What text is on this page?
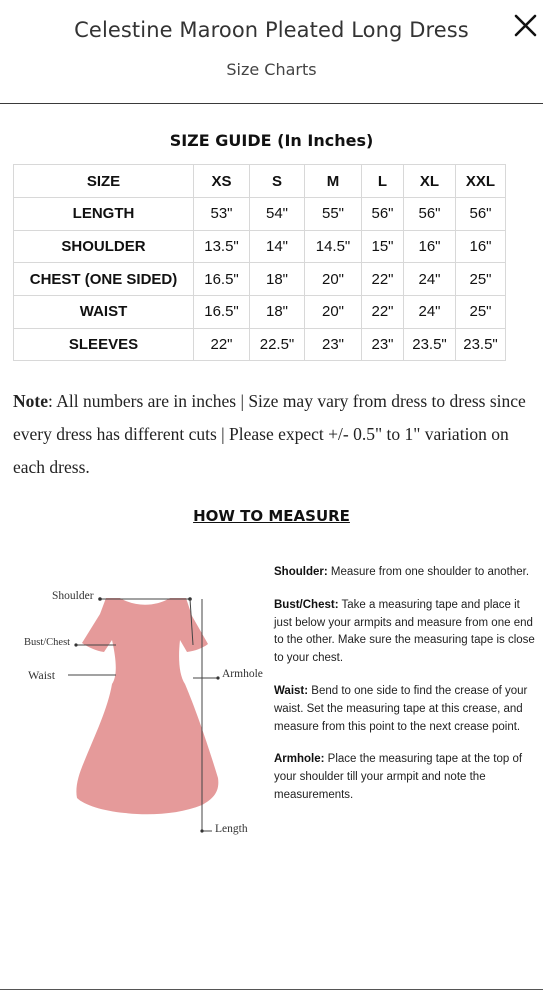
Celestine Maroon Pleated Long Dress
Size Charts
SIZE GUIDE (In Inches)
SIZE	XS	S	M	L	XL	XXL
LENGTH	53"	54"	55"	56"	56"	56"
SHOULDER	13.5"	14"	14.5"	15"	16"	16"
CHEST (ONE SIDED)	16.5"	18"	20"	22"	24"	25"
WAIST	16.5"	18"	20"	22"	24"	25"
SLEEVES	22"	22.5"	23"	23"	23.5"	23.5"

Note: All numbers are in inches | Size may vary from dress to dress since every dress has different cuts | Please expect +/- 0.5" to 1" variation on each dress.

HOW TO MEASURE
Shoulder
Bust/Chest
Waist	Armhole
Length
Shoulder: Measure from one shoulder to another.
Bust/Chest: Take a measuring tape and place it just below your armpits and measure from one end to the other. Make sure the measuring tape is close to your chest.
Waist: Bend to one side to find the crease of your waist. Set the measuring tape at this crease, and measure from this point to the next crease point.
Armhole: Place the measuring tape at the top of your shoulder till your armpit and note the measurements.
